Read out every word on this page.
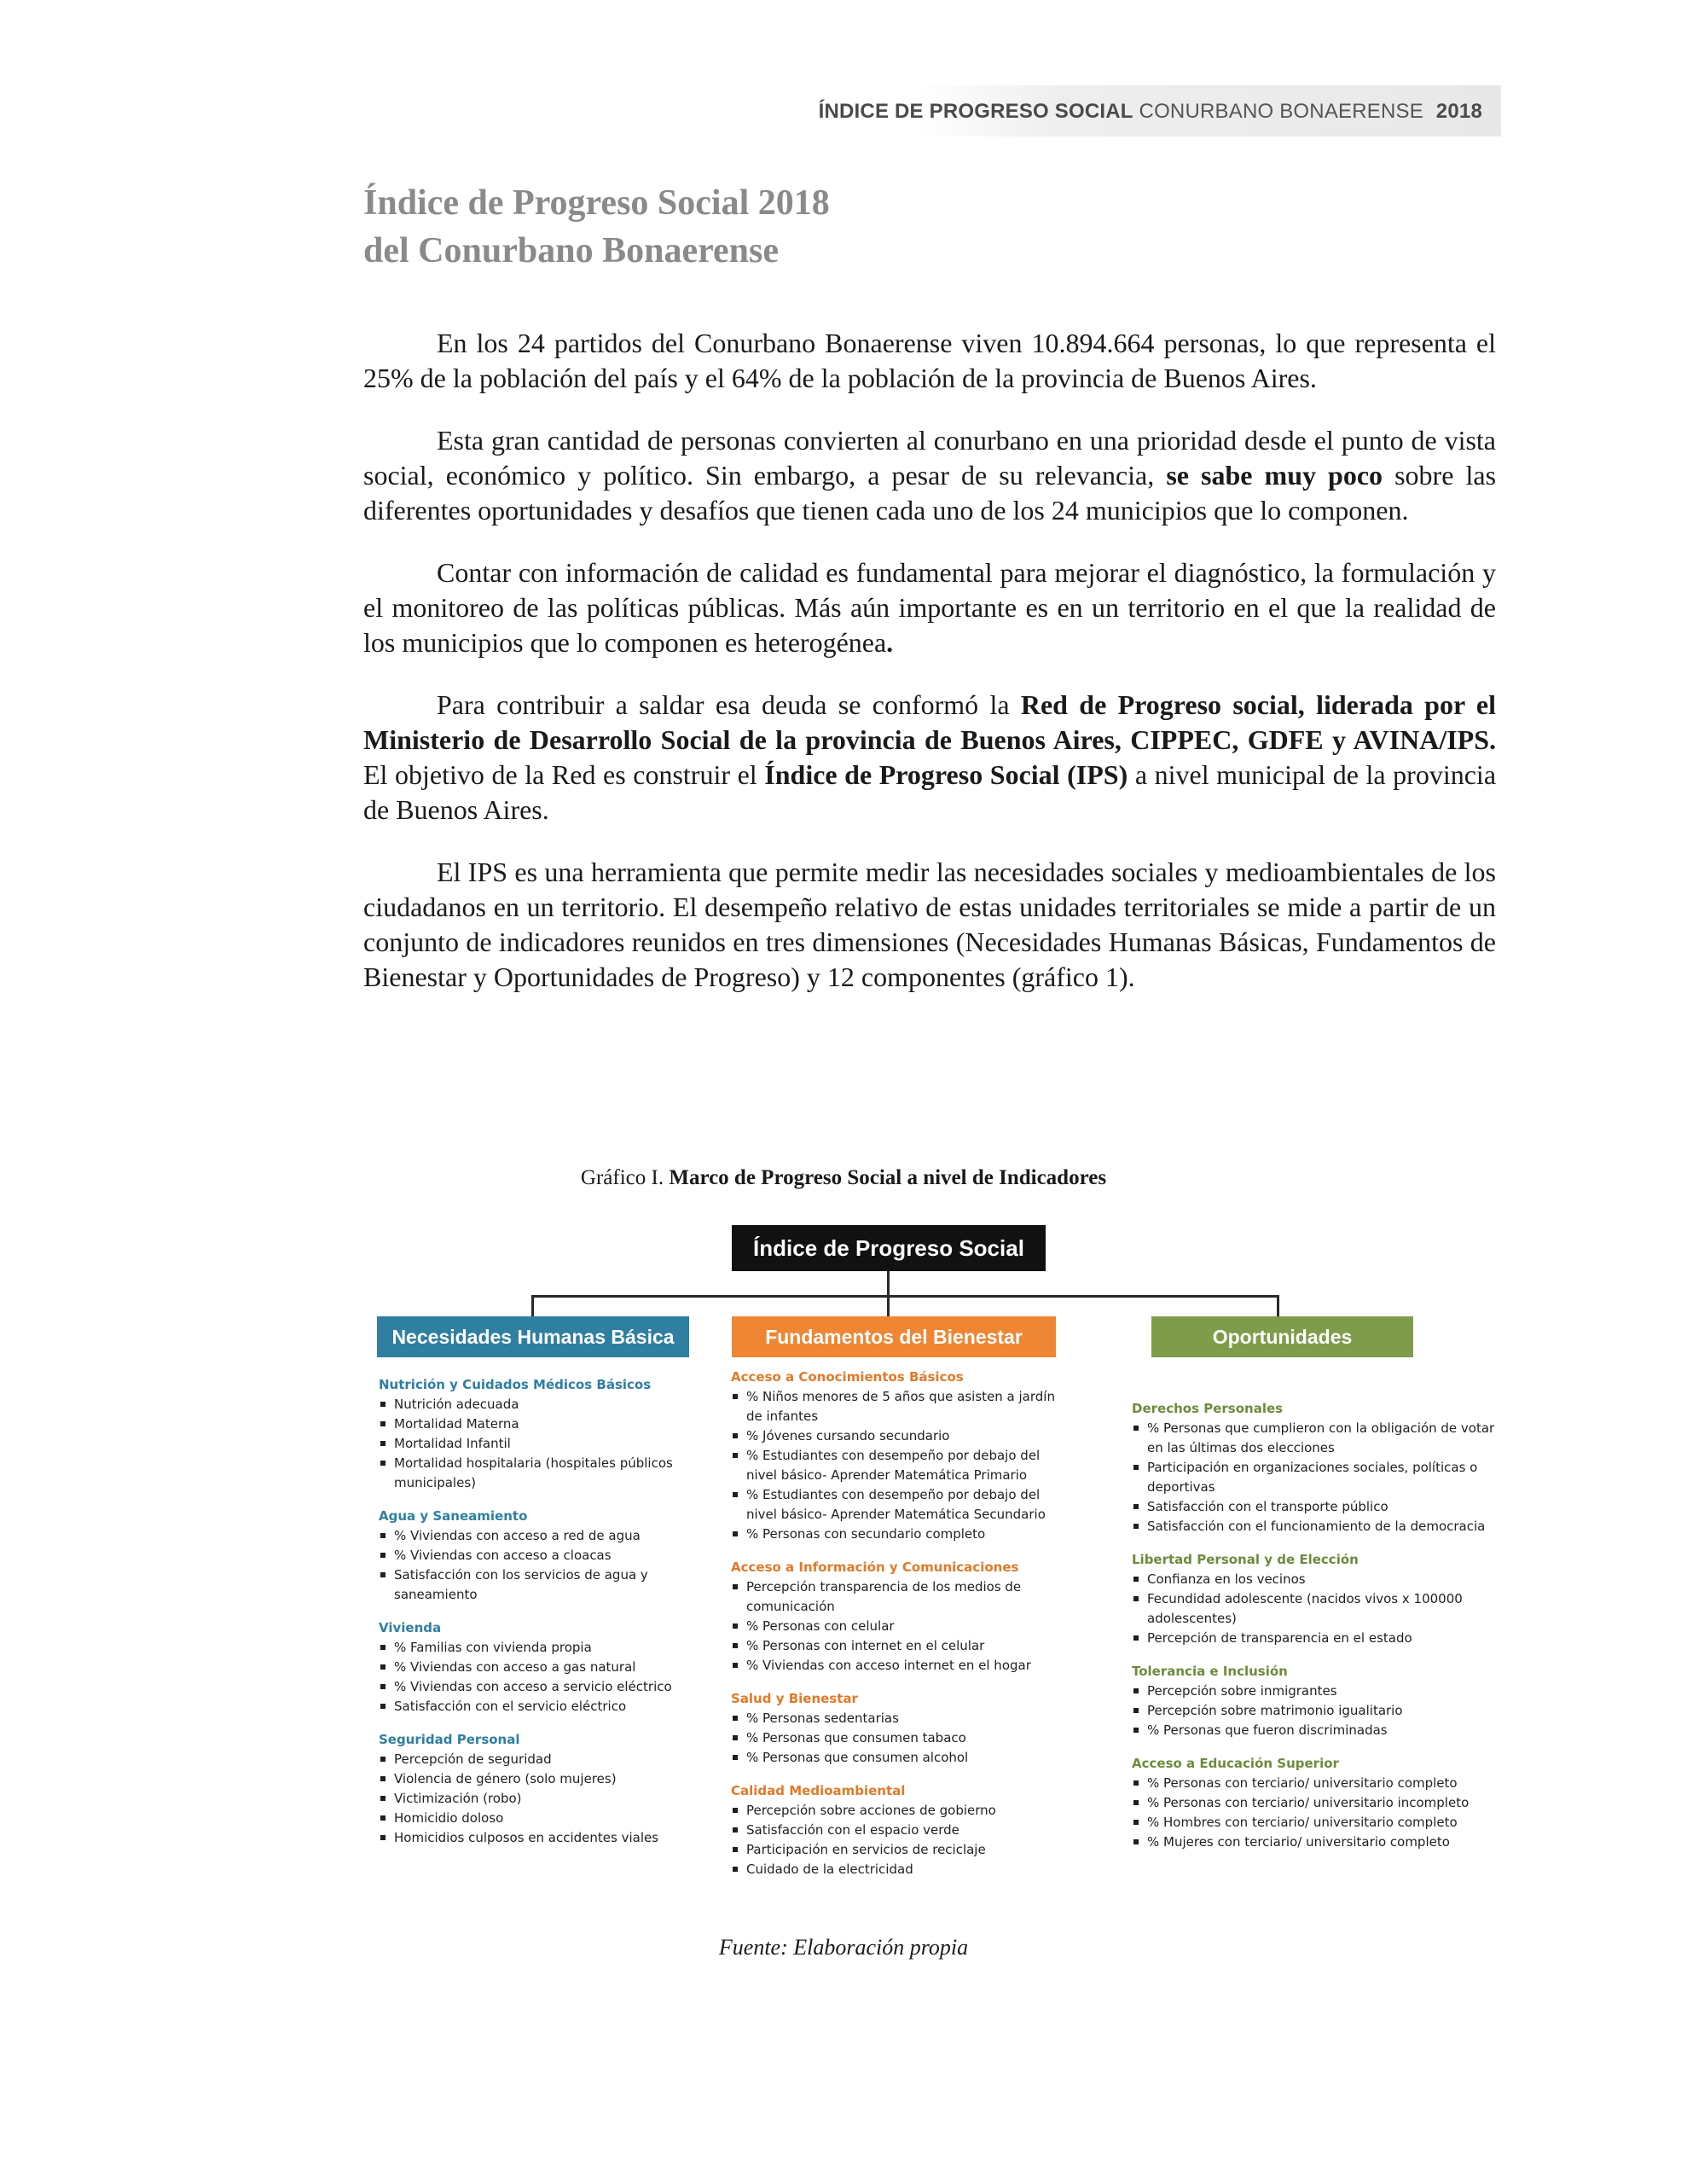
ÍNDICE DE PROGRESO SOCIAL CONURBANO BONAERENSE 2018
Índice de Progreso Social 2018
del Conurbano Bonaerense

En los 24 partidos del Conurbano Bonaerense viven 10.894.664 personas, lo que representa el 25% de la población del país y el 64% de la población de la provincia de Buenos Aires.

Esta gran cantidad de personas convierten al conurbano en una prioridad desde el punto de vista social, económico y político. Sin embargo, a pesar de su relevancia, se sabe muy poco sobre las diferentes oportunidades y desafíos que tienen cada uno de los 24 municipios que lo componen.

Contar con información de calidad es fundamental para mejorar el diagnóstico, la formulación y el monitoreo de las políticas públicas. Más aún importante es en un territorio en el que la realidad de los municipios que lo componen es heterogénea.

Para contribuir a saldar esa deuda se conformó la Red de Progreso social, liderada por el Ministerio de Desarrollo Social de la provincia de Buenos Aires, CIPPEC, GDFE y AVINA/IPS. El objetivo de la Red es construir el Índice de Progreso Social (IPS) a nivel municipal de la provincia de Buenos Aires.

El IPS es una herramienta que permite medir las necesidades sociales y medioambientales de los ciudadanos en un territorio. El desempeño relativo de estas unidades territoriales se mide a partir de un conjunto de indicadores reunidos en tres dimensiones (Necesidades Humanas Básicas, Fundamentos de Bienestar y Oportunidades de Progreso) y 12 componentes (gráfico 1).

Gráfico I. Marco de Progreso Social a nivel de Indicadores
Índice de Progreso Social
Necesidades Humanas Básica	Fundamentos del Bienestar	Oportunidades
Nutrición y Cuidados Médicos Básicos
Nutrición adecuada
Mortalidad Materna
Mortalidad Infantil
Mortalidad hospitalaria (hospitales públicos municipales)
Agua y Saneamiento
% Viviendas con acceso a red de agua
% Viviendas con acceso a cloacas
Satisfacción con los servicios de agua y saneamiento
Vivienda
% Familias con vivienda propia
% Viviendas con acceso a gas natural
% Viviendas con acceso a servicio eléctrico
Satisfacción con el servicio eléctrico
Seguridad Personal
Percepción de seguridad
Violencia de género (solo mujeres)
Victimización (robo)
Homicidio doloso
Homicidios culposos en accidentes viales
Acceso a Conocimientos Básicos
% Niños menores de 5 años que asisten a jardín de infantes
% Jóvenes cursando secundario
% Estudiantes con desempeño por debajo del nivel básico- Aprender Matemática Primario
% Estudiantes con desempeño por debajo del nivel básico- Aprender Matemática Secundario
% Personas con secundario completo
Acceso a Información y Comunicaciones
Percepción transparencia de los medios de comunicación
% Personas con celular
% Personas con internet en el celular
% Viviendas con acceso internet en el hogar
Salud y Bienestar
% Personas sedentarias
% Personas que consumen tabaco
% Personas que consumen alcohol
Calidad Medioambiental
Percepción sobre acciones de gobierno
Satisfacción con el espacio verde
Participación en servicios de reciclaje
Cuidado de la electricidad
Derechos Personales
% Personas que cumplieron con la obligación de votar en las últimas dos elecciones
Participación en organizaciones sociales, políticas o deportivas
Satisfacción con el transporte público
Satisfacción con el funcionamiento de la democracia
Libertad Personal y de Elección
Confianza en los vecinos
Fecundidad adolescente (nacidos vivos x 100000 adolescentes)
Percepción de transparencia en el estado
Tolerancia e Inclusión
Percepción sobre inmigrantes
Percepción sobre matrimonio igualitario
% Personas que fueron discriminadas
Acceso a Educación Superior
% Personas con terciario/ universitario completo
% Personas con terciario/ universitario incompleto
% Hombres con terciario/ universitario completo
% Mujeres con terciario/ universitario completo
Fuente: Elaboración propia
